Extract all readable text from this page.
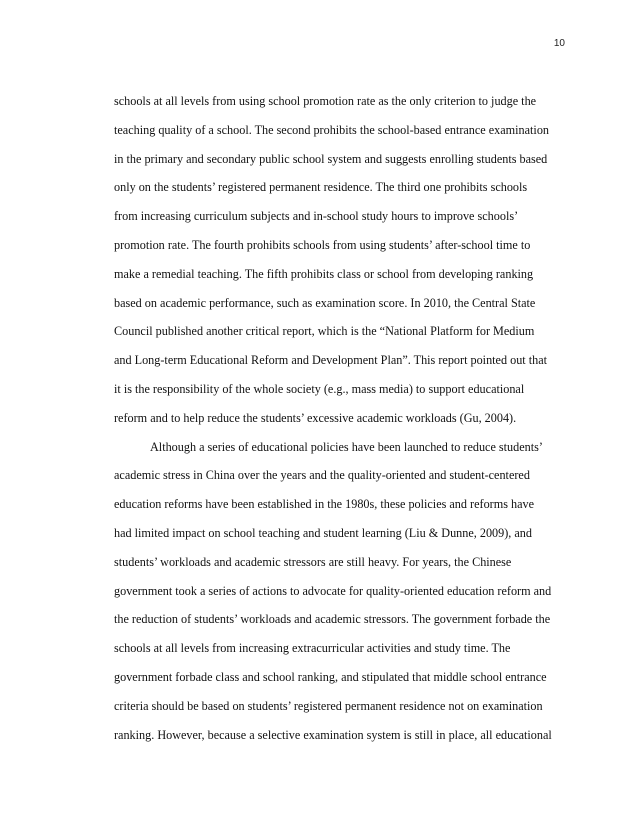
10
schools at all levels from using school promotion rate as the only criterion to judge the
teaching quality of a school. The second prohibits the school-based entrance examination
in the primary and secondary public school system and suggests enrolling students based
only on the students’ registered permanent residence. The third one prohibits schools
from increasing curriculum subjects and in-school study hours to improve schools’
promotion rate. The fourth prohibits schools from using students’ after-school time to
make a remedial teaching. The fifth prohibits class or school from developing ranking
based on academic performance, such as examination score. In 2010, the Central State
Council published another critical report, which is the “National Platform for Medium
and Long-term Educational Reform and Development Plan”. This report pointed out that
it is the responsibility of the whole society (e.g., mass media) to support educational
reform and to help reduce the students’ excessive academic workloads (Gu, 2004).
Although a series of educational policies have been launched to reduce students’
academic stress in China over the years and the quality-oriented and student-centered
education reforms have been established in the 1980s, these policies and reforms have
had limited impact on school teaching and student learning (Liu & Dunne, 2009), and
students’ workloads and academic stressors are still heavy. For years, the Chinese
government took a series of actions to advocate for quality-oriented education reform and
the reduction of students’ workloads and academic stressors. The government forbade the
schools at all levels from increasing extracurricular activities and study time. The
government forbade class and school ranking, and stipulated that middle school entrance
criteria should be based on students’ registered permanent residence not on examination
ranking. However, because a selective examination system is still in place, all educational
